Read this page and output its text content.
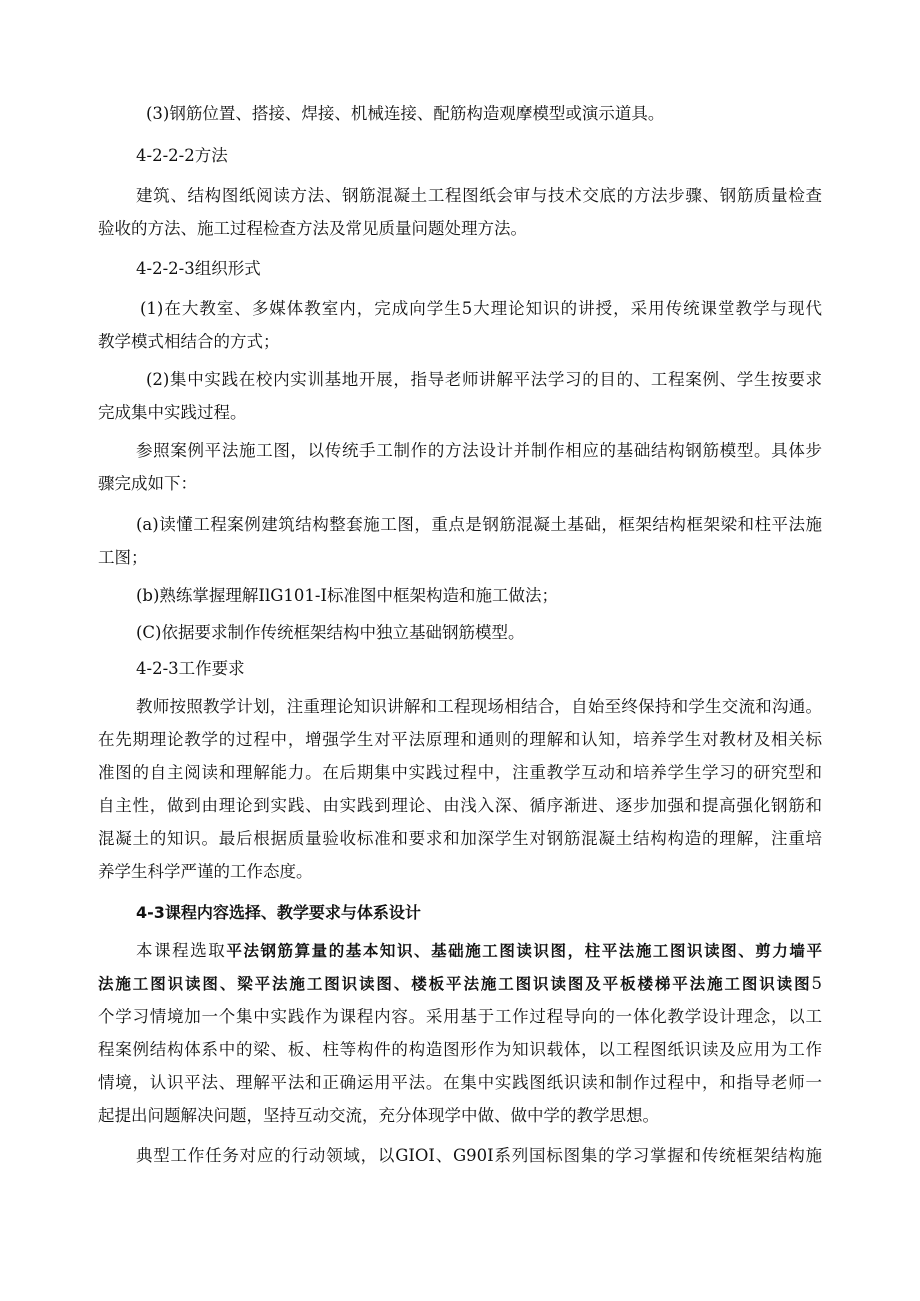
(3)钢筋位置、搭接、焊接、机械连接、配筋构造观摩模型或演示道具。
4-2-2-2方法
建筑、结构图纸阅读方法、钢筋混凝土工程图纸会审与技术交底的方法步骤、钢筋质量检查
验收的方法、施工过程检查方法及常见质量问题处理方法。
4-2-2-3组织形式
(1)在大教室、多媒体教室内，完成向学生5大理论知识的讲授，采用传统课堂教学与现代
教学模式相结合的方式；
(2)集中实践在校内实训基地开展，指导老师讲解平法学习的目的、工程案例、学生按要求
完成集中实践过程。
参照案例平法施工图，以传统手工制作的方法设计并制作相应的基础结构钢筋模型。具体步
骤完成如下：
(a)读懂工程案例建筑结构整套施工图，重点是钢筋混凝土基础，框架结构框架梁和柱平法施
工图；
(b)熟练掌握理解IlG101-I标准图中框架构造和施工做法；
(C)依据要求制作传统框架结构中独立基础钢筋模型。
4-2-3工作要求
教师按照教学计划，注重理论知识讲解和工程现场相结合，自始至终保持和学生交流和沟通。
在先期理论教学的过程中，增强学生对平法原理和通则的理解和认知，培养学生对教材及相关标
准图的自主阅读和理解能力。在后期集中实践过程中，注重教学互动和培养学生学习的研究型和
自主性，做到由理论到实践、由实践到理论、由浅入深、循序渐进、逐步加强和提高强化钢筋和
混凝土的知识。最后根据质量验收标准和要求和加深学生对钢筋混凝土结构构造的理解，注重培
养学生科学严谨的工作态度。
4-3课程内容选择、教学要求与体系设计
本课程选取平法钢筋算量的基本知识、基础施工图读识图，柱平法施工图识读图、剪力墙平
法施工图识读图、梁平法施工图识读图、楼板平法施工图识读图及平板楼梯平法施工图识读图5
个学习情境加一个集中实践作为课程内容。采用基于工作过程导向的一体化教学设计理念，以工
程案例结构体系中的梁、板、柱等构件的构造图形作为知识载体，以工程图纸识读及应用为工作
情境，认识平法、理解平法和正确运用平法。在集中实践图纸识读和制作过程中，和指导老师一
起提出问题解决问题，坚持互动交流，充分体现学中做、做中学的教学思想。
典型工作任务对应的行动领域，以GIOI、G90I系列国标图集的学习掌握和传统框架结构施
